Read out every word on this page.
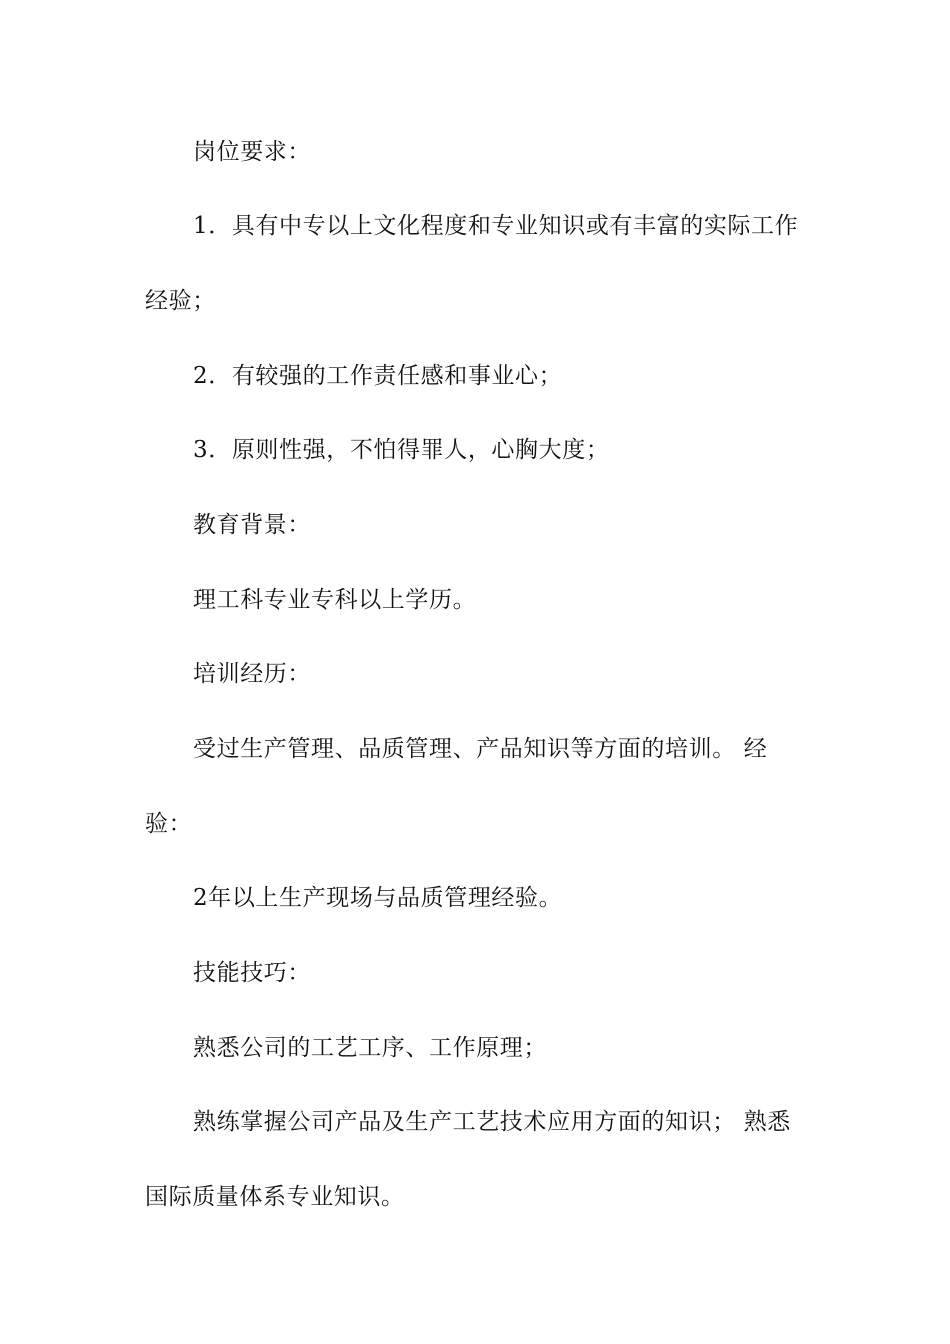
岗位要求：

1．具有中专以上文化程度和专业知识或有丰富的实际工作

经验；

2．有较强的工作责任感和事业心；

3．原则性强，不怕得罪人，心胸大度；

教育背景：

理工科专业专科以上学历。

培训经历：

受过生产管理、品质管理、产品知识等方面的培训。 经

验：

2年以上生产现场与品质管理经验。

技能技巧：

熟悉公司的工艺工序、工作原理；

熟练掌握公司产品及生产工艺技术应用方面的知识； 熟悉

国际质量体系专业知识。
